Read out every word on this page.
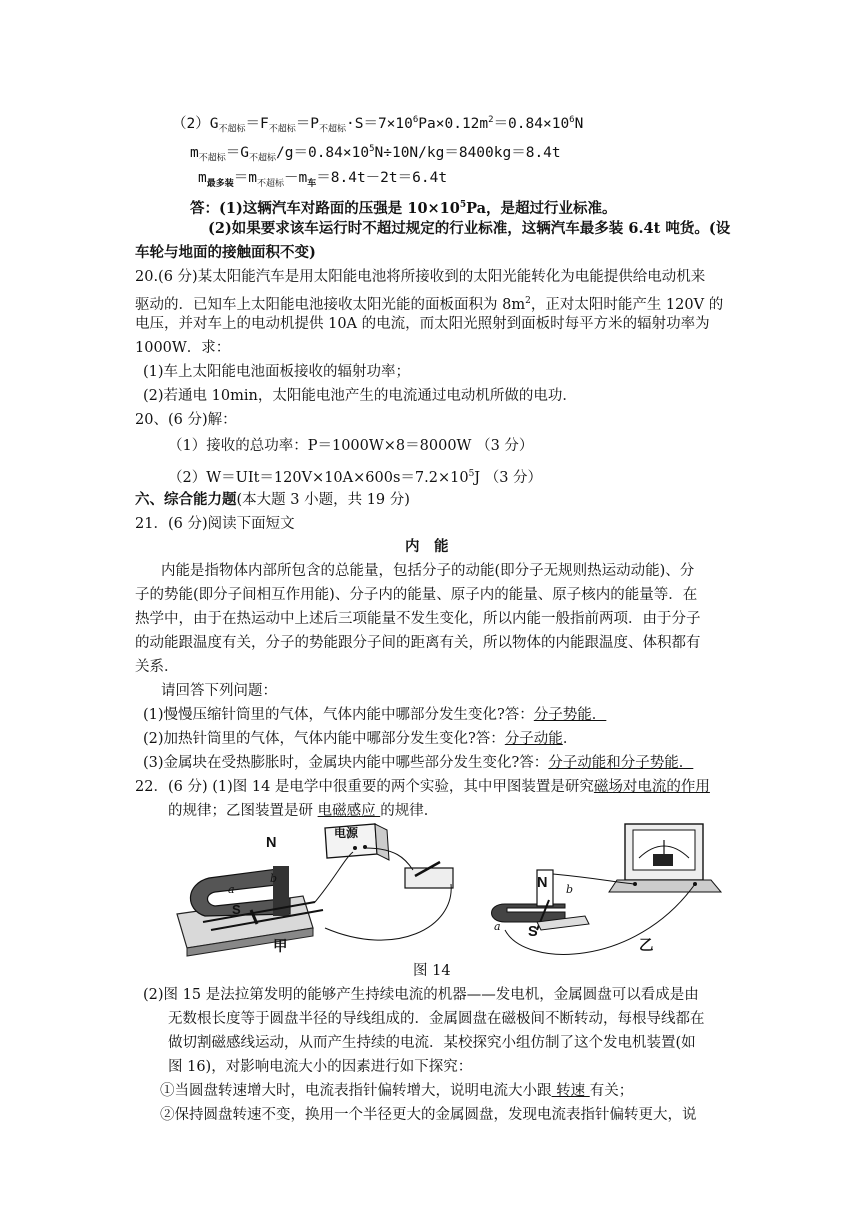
$(2)G_{不超标}=F_{不超标}=P_{不超标}\cdot S=7\times 10^6Pa\times 0.12m^2=0.84\times 10^6N$
$m_{不超标}=G_{不超标}/g=0.84\times 10^5N\div 10N/kg=8400kg=8.4t$
$m_{最多装}=m_{不超标}-m_车=8.4t-2t=6.4t$
答：(1)这辆汽车对路面的压强是 $10\times 10^5Pa$，是超过行业标准。
(2)如果要求该车运行时不超过规定的行业标准，这辆汽车最多装 6.4t 吨货。(设
车轮与地面的接触面积不变)
20.(6 分)某太阳能汽车是用太阳能电池将所接收到的太阳光能转化为电能提供给电动机来
驱动的．已知车上太阳能电池接收太阳光能的面板面积为 $8m^2$，正对太阳时能产生 120V 的
电压，并对车上的电动机提供 10A 的电流，而太阳光照射到面板时每平方米的辐射功率为
1000W．求：
(1)车上太阳能电池面板接收的辐射功率；
(2)若通电 10min，太阳能电池产生的电流通过电动机所做的电功．
20、(6 分)解：
（1）接收的总功率：P＝1000W×8＝8000W （3 分）
$(2)W=UIt=120V\times 10A\times 600s=7.2\times 10^5J$ （3 分）
六、综合能力题(本大题 3 小题，共 19 分)
21．(6 分)阅读下面短文
内　能
内能是指物体内部所包含的总能量，包括分子的动能(即分子无规则热运动动能)、分
子的势能(即分子间相互作用能)、分子内的能量、原子内的能量、原子核内的能量等．在
热学中，由于在热运动中上述后三项能量不发生变化，所以内能一般指前两项．由于分子
的动能跟温度有关，分子的势能跟分子间的距离有关，所以物体的内能跟温度、体积都有
关系．
请回答下列问题：
(1)慢慢压缩针筒里的气体，气体内能中哪部分发生变化?答：分子势能．
(2)加热针筒里的气体，气体内能中哪部分发生变化?答：分子动能．
(3)金属块在受热膨胀时，金属块内能中哪些部分发生变化?答：分子动能和分子势能．
22．(6 分) (1)图 14 是电学中很重要的两个实验，其中甲图装置是研究磁场对电流的作用
的规律；乙图装置是研 电磁感应 的规律．
电源
N
S
a
b
甲
N
S
a
b
乙
图 14
(2)图 15 是法拉第发明的能够产生持续电流的机器——发电机，金属圆盘可以看成是由
无数根长度等于圆盘半径的导线组成的．金属圆盘在磁极间不断转动，每根导线都在
做切割磁感线运动，从而产生持续的电流．某校探究小组仿制了这个发电机装置(如
图 16)，对影响电流大小的因素进行如下探究：
①当圆盘转速增大时，电流表指针偏转增大，说明电流大小跟 转速 有关；
②保持圆盘转速不变，换用一个半径更大的金属圆盘，发现电流表指针偏转更大，说
